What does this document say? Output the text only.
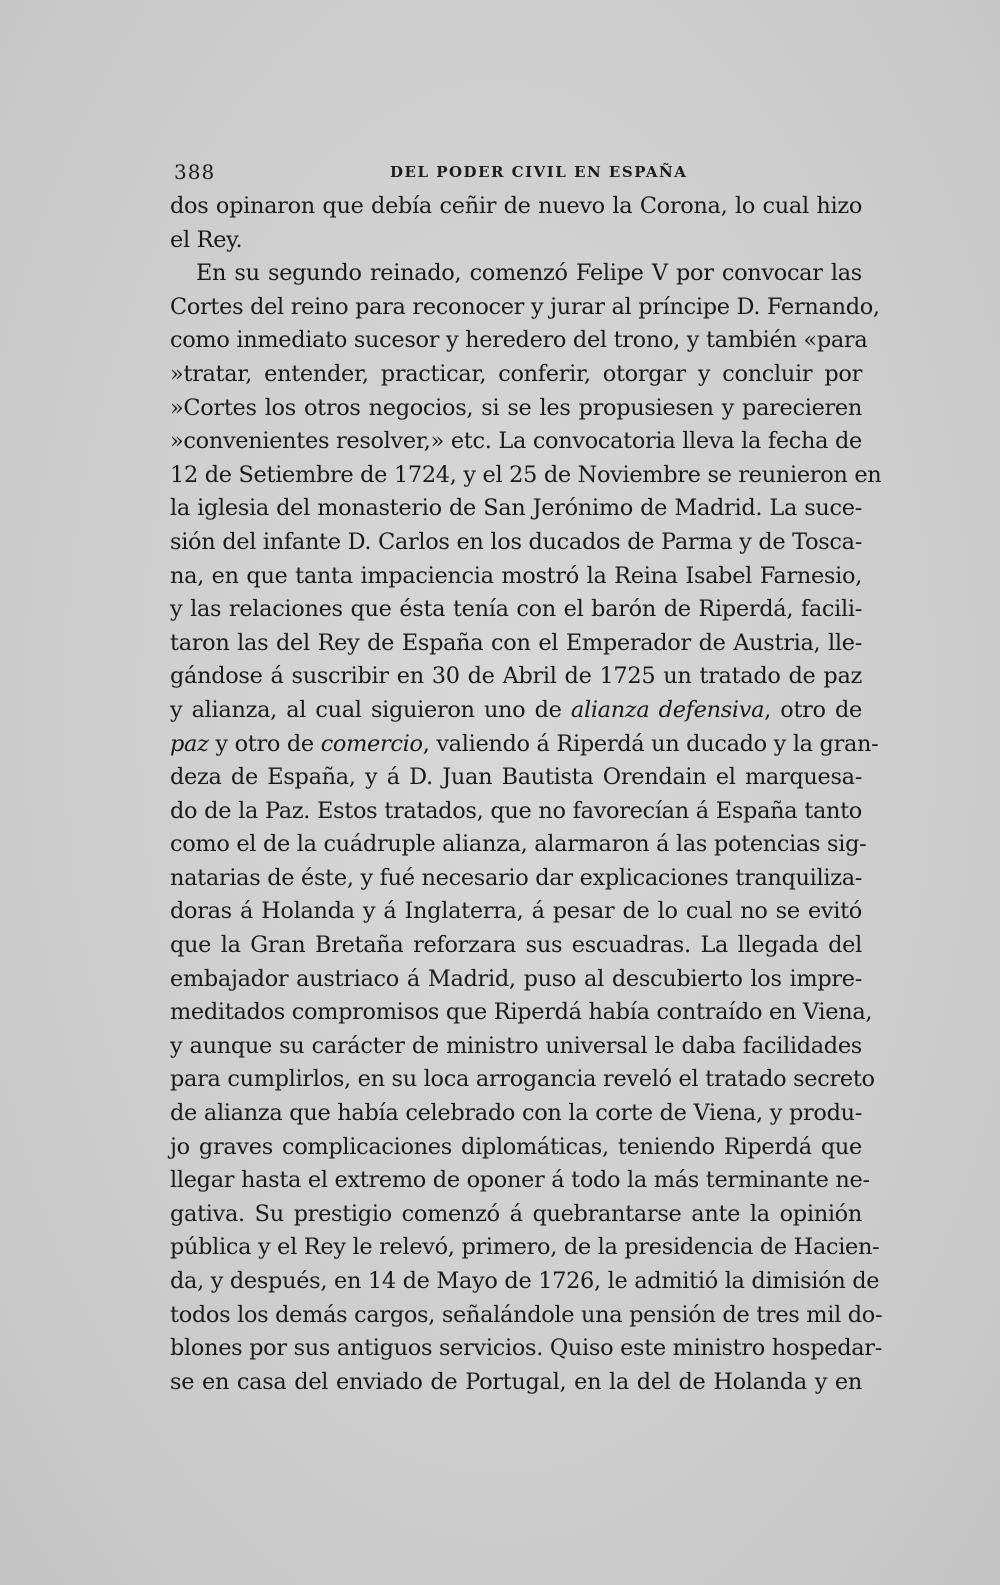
388	DEL PODER CIVIL EN ESPAÑA
dos opinaron que debía ceñir de nuevo la Corona, lo cual hizo
el Rey.
En su segundo reinado, comenzó Felipe V por convocar las
Cortes del reino para reconocer y jurar al príncipe D. Fernando,
como inmediato sucesor y heredero del trono, y también «para
»tratar, entender, practicar, conferir, otorgar y concluir por
»Cortes los otros negocios, si se les propusiesen y parecieren
»convenientes resolver,» etc. La convocatoria lleva la fecha de
12 de Setiembre de 1724, y el 25 de Noviembre se reunieron en
la iglesia del monasterio de San Jerónimo de Madrid. La suce-
sión del infante D. Carlos en los ducados de Parma y de Tosca-
na, en que tanta impaciencia mostró la Reina Isabel Farnesio,
y las relaciones que ésta tenía con el barón de Riperdá, facili-
taron las del Rey de España con el Emperador de Austria, lle-
gándose á suscribir en 30 de Abril de 1725 un tratado de paz
y alianza, al cual siguieron uno de alianza defensiva, otro de
paz y otro de comercio, valiendo á Riperdá un ducado y la gran-
deza de España, y á D. Juan Bautista Orendain el marquesa-
do de la Paz. Estos tratados, que no favorecían á España tanto
como el de la cuádruple alianza, alarmaron á las potencias sig-
natarias de éste, y fué necesario dar explicaciones tranquiliza-
doras á Holanda y á Inglaterra, á pesar de lo cual no se evitó
que la Gran Bretaña reforzara sus escuadras. La llegada del
embajador austriaco á Madrid, puso al descubierto los impre-
meditados compromisos que Riperdá había contraído en Viena,
y aunque su carácter de ministro universal le daba facilidades
para cumplirlos, en su loca arrogancia reveló el tratado secreto
de alianza que había celebrado con la corte de Viena, y produ-
jo graves complicaciones diplomáticas, teniendo Riperdá que
llegar hasta el extremo de oponer á todo la más terminante ne-
gativa. Su prestigio comenzó á quebrantarse ante la opinión
pública y el Rey le relevó, primero, de la presidencia de Hacien-
da, y después, en 14 de Mayo de 1726, le admitió la dimisión de
todos los demás cargos, señalándole una pensión de tres mil do-
blones por sus antiguos servicios. Quiso este ministro hospedar-
se en casa del enviado de Portugal, en la del de Holanda y en
